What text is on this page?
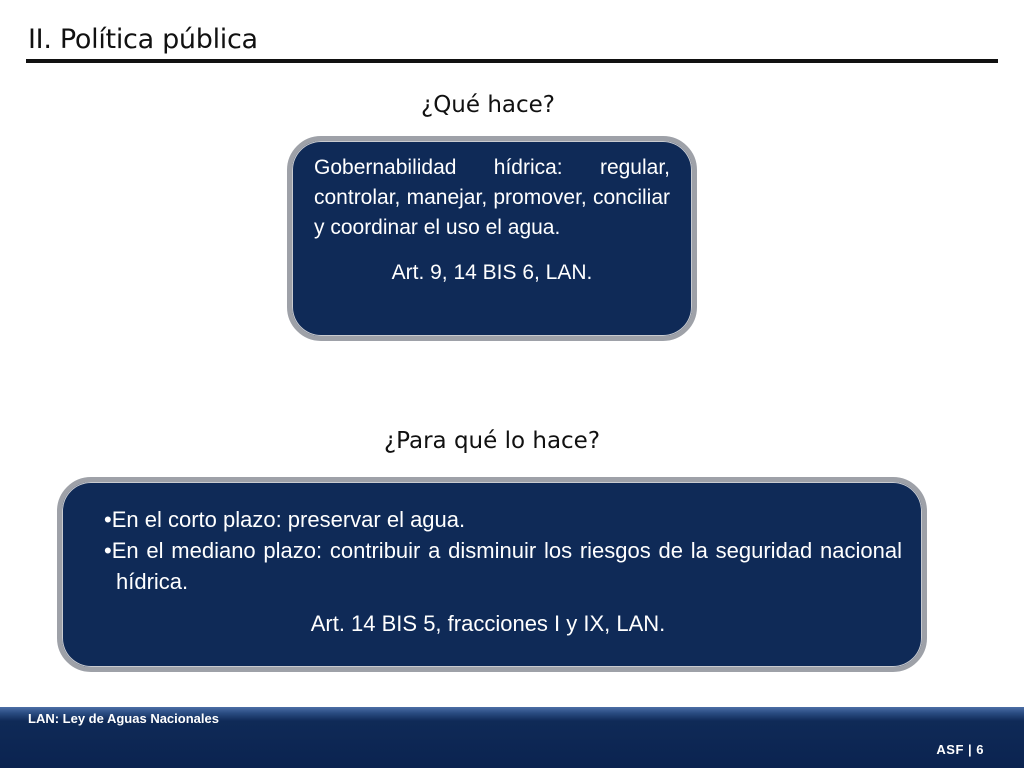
II. Política pública
¿Qué hace?
Gobernabilidad hídrica: regular, controlar, manejar, promover, conciliar y coordinar el uso el agua.
Art. 9, 14 BIS 6, LAN.
¿Para qué lo hace?
• En el corto plazo: preservar el agua.
• En el mediano plazo: contribuir a disminuir los riesgos de la seguridad nacional hídrica.
Art. 14 BIS 5, fracciones I y IX, LAN.
LAN: Ley de Aguas Nacionales
ASF | 6
